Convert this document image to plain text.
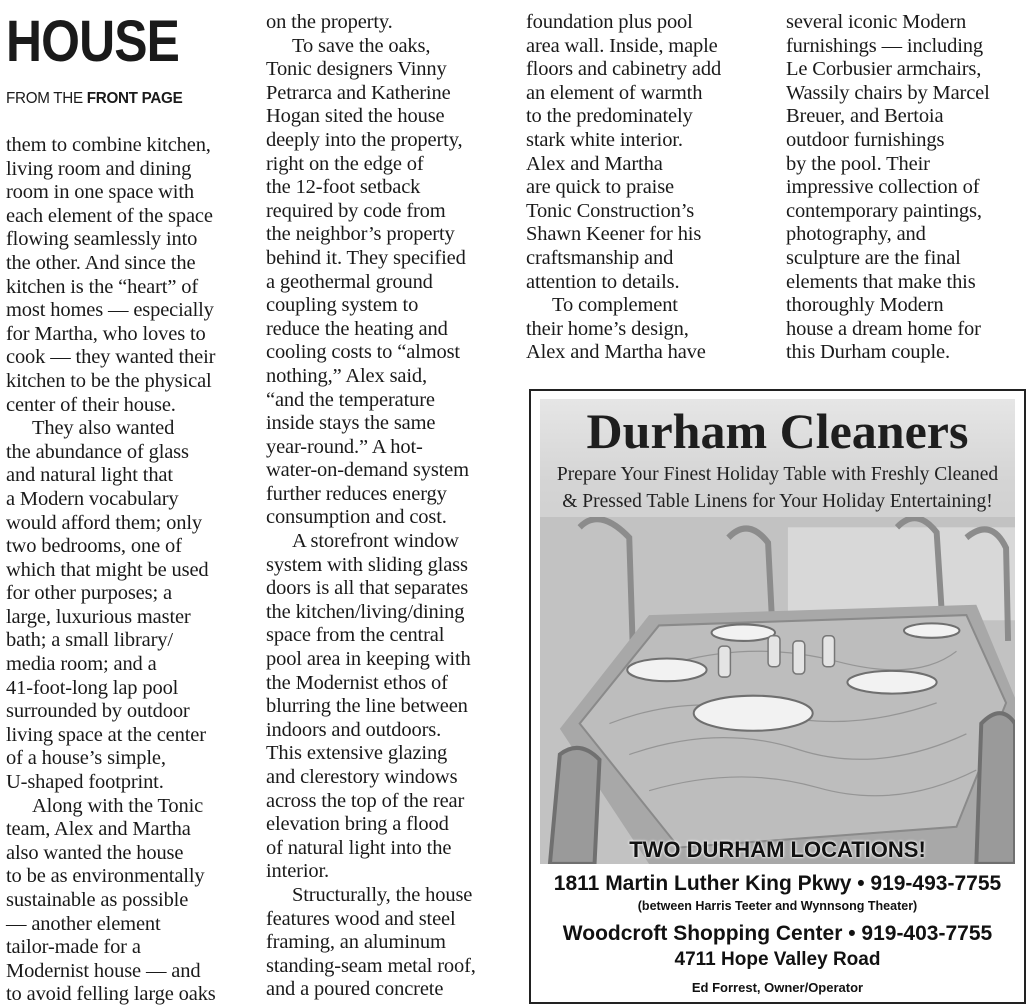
HOUSE
FROM THE FRONT PAGE
them to combine kitchen,
living room and dining
room in one space with
each element of the space
flowing seamlessly into
the other. And since the
kitchen is the “heart” of
most homes — especially
for Martha, who loves to
cook — they wanted their
kitchen to be the physical
center of their house.
They also wanted
the abundance of glass
and natural light that
a Modern vocabulary
would afford them; only
two bedrooms, one of
which that might be used
for other purposes; a
large, luxurious master
bath; a small library/
media room; and a
41-foot-long lap pool
surrounded by outdoor
living space at the center
of a house’s simple,
U-shaped footprint.
Along with the Tonic
team, Alex and Martha
also wanted the house
to be as environmentally
sustainable as possible
— another element
tailor-made for a
Modernist house — and
to avoid felling large oaks
on the property.
To save the oaks,
Tonic designers Vinny
Petrarca and Katherine
Hogan sited the house
deeply into the property,
right on the edge of
the 12-foot setback
required by code from
the neighbor’s property
behind it. They specified
a geothermal ground
coupling system to
reduce the heating and
cooling costs to “almost
nothing,” Alex said,
“and the temperature
inside stays the same
year-round.” A hot-
water-on-demand system
further reduces energy
consumption and cost.
A storefront window
system with sliding glass
doors is all that separates
the kitchen/living/dining
space from the central
pool area in keeping with
the Modernist ethos of
blurring the line between
indoors and outdoors.
This extensive glazing
and clerestory windows
across the top of the rear
elevation bring a flood
of natural light into the
interior.
Structurally, the house
features wood and steel
framing, an aluminum
standing-seam metal roof,
and a poured concrete
foundation plus pool
area wall. Inside, maple
floors and cabinetry add
an element of warmth
to the predominately
stark white interior.
Alex and Martha
are quick to praise
Tonic Construction’s
Shawn Keener for his
craftsmanship and
attention to details.
To complement
their home’s design,
Alex and Martha have
several iconic Modern
furnishings — including
Le Corbusier armchairs,
Wassily chairs by Marcel
Breuer, and Bertoia
outdoor furnishings
by the pool. Their
impressive collection of
contemporary paintings,
photography, and
sculpture are the final
elements that make this
thoroughly Modern
house a dream home for
this Durham couple.
Durham Cleaners
Prepare Your Finest Holiday Table with Freshly Cleaned
& Pressed Table Linens for Your Holiday Entertaining!
TWO DURHAM LOCATIONS!
1811 Martin Luther King Pkwy • 919-493-7755
(between Harris Teeter and Wynnsong Theater)
Woodcroft Shopping Center • 919-403-7755
4711 Hope Valley Road
Ed Forrest, Owner/Operator
